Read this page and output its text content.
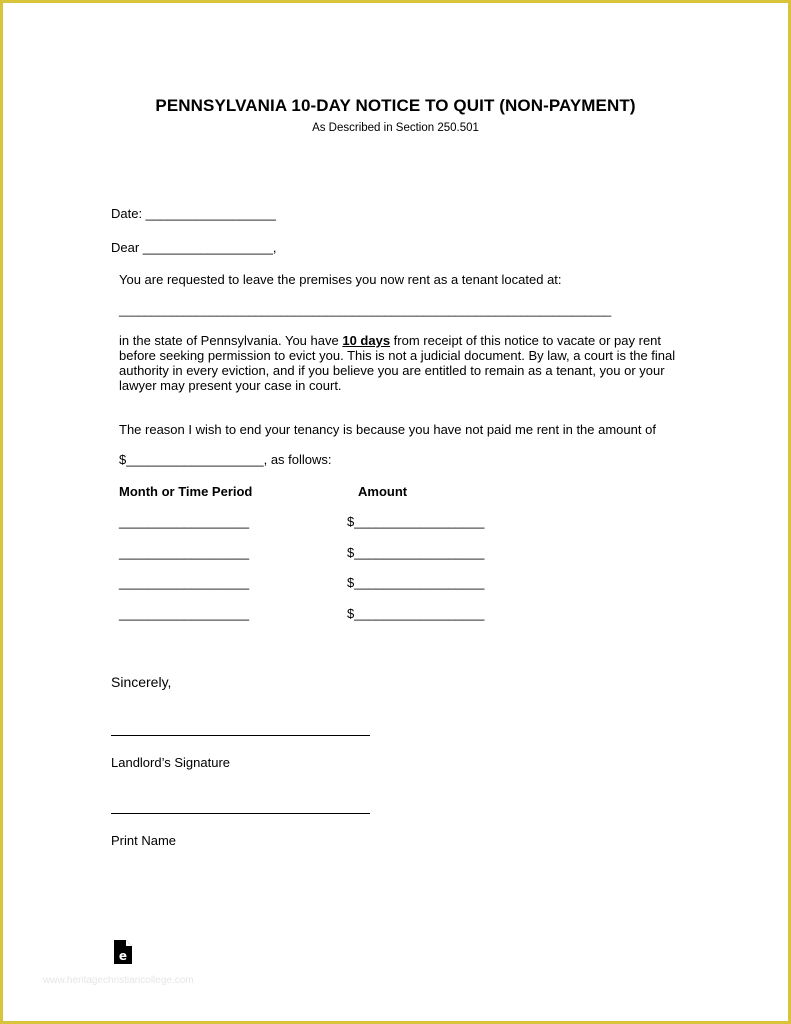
PENNSYLVANIA 10-DAY NOTICE TO QUIT (NON-PAYMENT)
As Described in Section 250.501
Date: __________________
Dear __________________,
You are requested to leave the premises you now rent as a tenant located at:
____________________________________________________________________________
in the state of Pennsylvania. You have 10 days from receipt of this notice to vacate or pay rent before seeking permission to evict you. This is not a judicial document. By law, a court is the final authority in every eviction, and if you believe you are entitled to remain as a tenant, you or your lawyer may present your case in court.
The reason I wish to end your tenancy is because you have not paid me rent in the amount of
$___________________, as follows:
Month or Time Period	Amount
__________________	$__________________
__________________	$__________________
__________________	$__________________
__________________	$__________________
Sincerely,
Landlord’s Signature
Print Name
e
www.heritagechristiancollege.com
